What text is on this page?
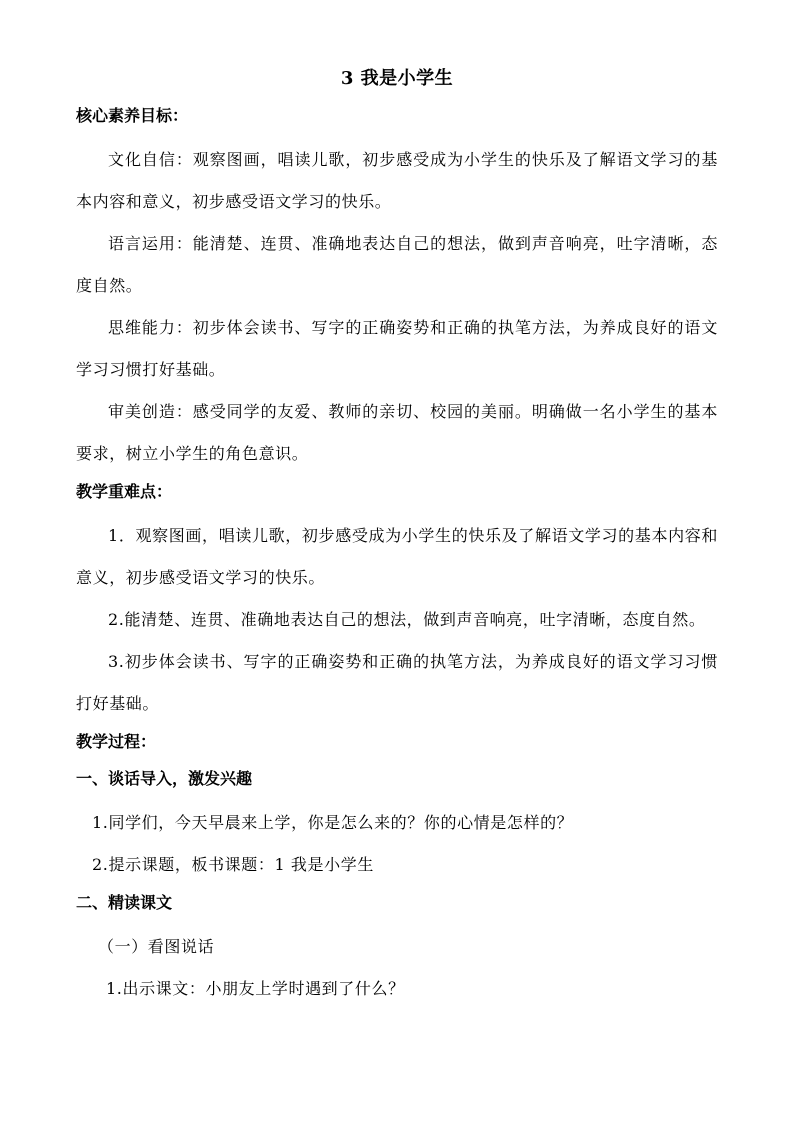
3 我是小学生
核心素养目标：

文化自信：观察图画，唱读儿歌，初步感受成为小学生的快乐及了解语文学习的基本内容和意义，初步感受语文学习的快乐。

语言运用：能清楚、连贯、准确地表达自己的想法，做到声音响亮，吐字清晰，态度自然。

思维能力：初步体会读书、写字的正确姿势和正确的执笔方法，为养成良好的语文学习习惯打好基础。

审美创造：感受同学的友爱、教师的亲切、校园的美丽。明确做一名小学生的基本要求，树立小学生的角色意识。

教学重难点：

1．观察图画，唱读儿歌，初步感受成为小学生的快乐及了解语文学习的基本内容和意义，初步感受语文学习的快乐。

2.能清楚、连贯、准确地表达自己的想法，做到声音响亮，吐字清晰，态度自然。

3.初步体会读书、写字的正确姿势和正确的执笔方法，为养成良好的语文学习习惯打好基础。

教学过程：
一、谈话导入，激发兴趣
1.同学们，今天早晨来上学，你是怎么来的？你的心情是怎样的？
2.提示课题，板书课题：1 我是小学生
二、精读课文
（一）看图说话
1.出示课文：小朋友上学时遇到了什么？
